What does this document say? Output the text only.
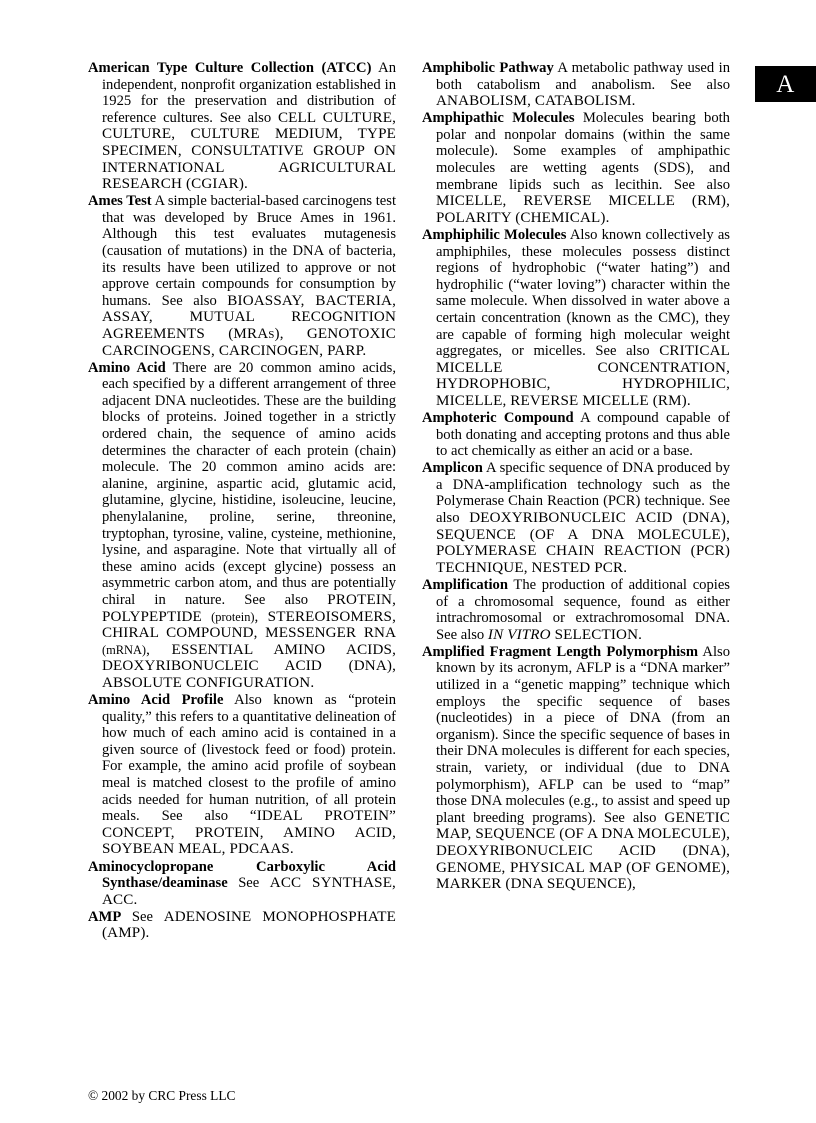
A

American Type Culture Collection (ATCC) An independent, nonprofit organization established in 1925 for the preservation and distribution of reference cultures. See also CELL CULTURE, CULTURE, CULTURE MEDIUM, TYPE SPECIMEN, CONSULTATIVE GROUP ON INTERNATIONAL AGRICULTURAL RESEARCH (CGIAR).

Ames Test A simple bacterial-based carcinogens test that was developed by Bruce Ames in 1961. Although this test evaluates mutagenesis (causation of mutations) in the DNA of bacteria, its results have been utilized to approve or not approve certain compounds for consumption by humans. See also BIOASSAY, BACTERIA, ASSAY, MUTUAL RECOGNITION AGREEMENTS (MRAs), GENOTOXIC CARCINOGENS, CARCINOGEN, PARP.

Amino Acid There are 20 common amino acids, each specified by a different arrangement of three adjacent DNA nucleotides. These are the building blocks of proteins. Joined together in a strictly ordered chain, the sequence of amino acids determines the character of each protein (chain) molecule. The 20 common amino acids are: alanine, arginine, aspartic acid, glutamic acid, glutamine, glycine, histidine, isoleucine, leucine, phenylalanine, proline, serine, threonine, tryptophan, tyrosine, valine, cysteine, methionine, lysine, and asparagine. Note that virtually all of these amino acids (except glycine) possess an asymmetric carbon atom, and thus are potentially chiral in nature. See also PROTEIN, POLYPEPTIDE (protein), STEREOISOMERS, CHIRAL COMPOUND, MESSENGER RNA (mRNA), ESSENTIAL AMINO ACIDS, DEOXYRIBONUCLEIC ACID (DNA), ABSOLUTE CONFIGURATION.

Amino Acid Profile Also known as “protein quality,” this refers to a quantitative delineation of how much of each amino acid is contained in a given source of (livestock feed or food) protein. For example, the amino acid profile of soybean meal is matched closest to the profile of amino acids needed for human nutrition, of all protein meals. See also “IDEAL PROTEIN” CONCEPT, PROTEIN, AMINO ACID, SOYBEAN MEAL, PDCAAS.

Aminocyclopropane Carboxylic Acid Synthase/deaminase See ACC SYNTHASE, ACC.

AMP See ADENOSINE MONOPHOSPHATE (AMP).

Amphibolic Pathway A metabolic pathway used in both catabolism and anabolism. See also ANABOLISM, CATABOLISM.

Amphipathic Molecules Molecules bearing both polar and nonpolar domains (within the same molecule). Some examples of amphipathic molecules are wetting agents (SDS), and membrane lipids such as lecithin. See also MICELLE, REVERSE MICELLE (RM), POLARITY (CHEMICAL).

Amphiphilic Molecules Also known collectively as amphiphiles, these molecules possess distinct regions of hydrophobic (“water hating”) and hydrophilic (“water loving”) character within the same molecule. When dissolved in water above a certain concentration (known as the CMC), they are capable of forming high molecular weight aggregates, or micelles. See also CRITICAL MICELLE CONCENTRATION, HYDROPHOBIC, HYDROPHILIC, MICELLE, REVERSE MICELLE (RM).

Amphoteric Compound A compound capable of both donating and accepting protons and thus able to act chemically as either an acid or a base.

Amplicon A specific sequence of DNA produced by a DNA-amplification technology such as the Polymerase Chain Reaction (PCR) technique. See also DEOXYRIBONUCLEIC ACID (DNA), SEQUENCE (OF A DNA MOLECULE), POLYMERASE CHAIN REACTION (PCR) TECHNIQUE, NESTED PCR.

Amplification The production of additional copies of a chromosomal sequence, found as either intrachromosomal or extrachromosomal DNA. See also IN VITRO SELECTION.

Amplified Fragment Length Polymorphism Also known by its acronym, AFLP is a “DNA marker” utilized in a “genetic mapping” technique which employs the specific sequence of bases (nucleotides) in a piece of DNA (from an organism). Since the specific sequence of bases in their DNA molecules is different for each species, strain, variety, or individual (due to DNA polymorphism), AFLP can be used to “map” those DNA molecules (e.g., to assist and speed up plant breeding programs). See also GENETIC MAP, SEQUENCE (OF A DNA MOLECULE), DEOXYRIBONUCLEIC ACID (DNA), GENOME, PHYSICAL MAP (OF GENOME), MARKER (DNA SEQUENCE),

© 2002 by CRC Press LLC
